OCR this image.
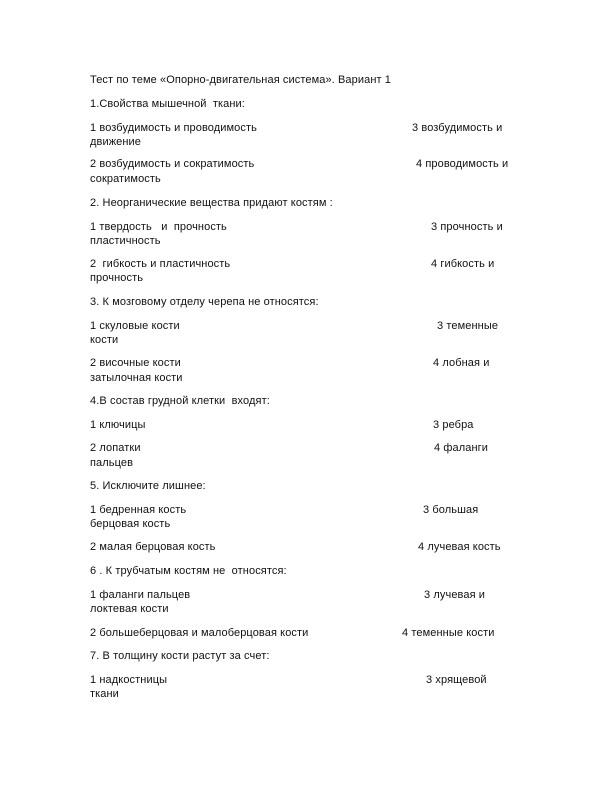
Тест по теме «Опорно-двигательная система». Вариант 1
1.Свойства мышечной  ткани:
1 возбудимость и проводимость	3 возбудимость и
движение
2 возбудимость и сократимость	4 проводимость и
сократимость
2. Неорганические вещества придают костям :
1 твердость   и  прочность	3 прочность и
пластичность
2  гибкость и пластичность	4 гибкость и
прочность
3. К мозговому отделу черепа не относятся:
1 скуловые кости	3 теменные
кости
2 височные кости	4 лобная и
затылочная кости
4.В состав грудной клетки  входят:
1 ключицы	3 ребра
2 лопатки	4 фаланги
пальцев
5. Исключите лишнее:
1 бедренная кость	3 большая
берцовая кость
2 малая берцовая кость	4 лучевая кость
6 . К трубчатым костям не  относятся:
1 фаланги пальцев	3 лучевая и
локтевая кости
2 большеберцовая и малоберцовая кости	4 теменные кости
7. В толщину кости растут за счет:
1 надкостницы	3 хрящевой
ткани
